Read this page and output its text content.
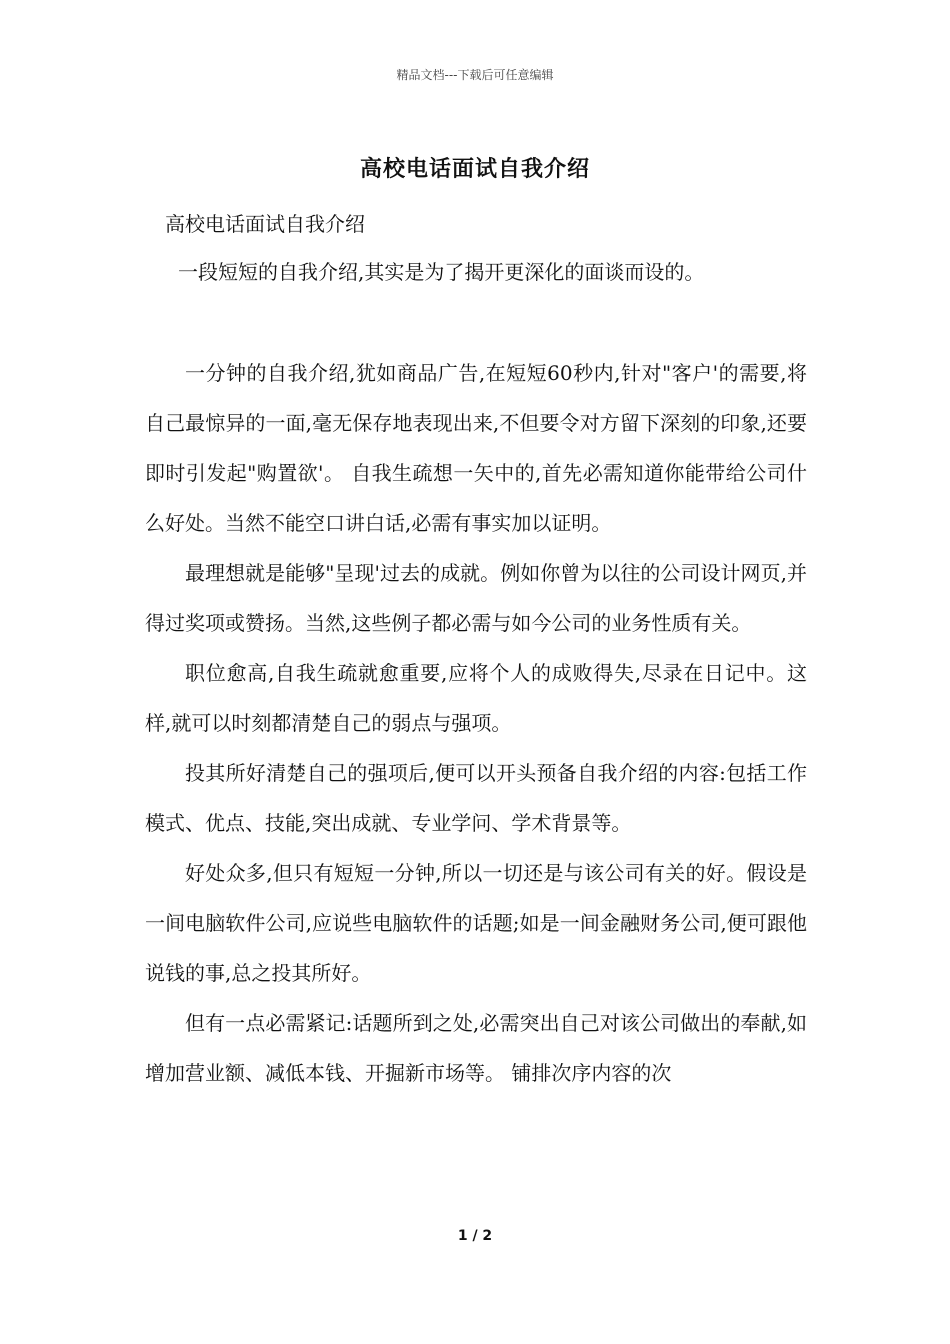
精品文档---下载后可任意编辑
高校电话面试自我介绍
高校电话面试自我介绍
一段短短的自我介绍,其实是为了揭开更深化的面谈而设的。

一分钟的自我介绍,犹如商品广告,在短短60秒内,针对"客户'的需要,将自己最惊异的一面,毫无保存地表现出来,不但要令对方留下深刻的印象,还要即时引发起"购置欲'。 自我生疏想一矢中的,首先必需知道你能带给公司什么好处。当然不能空口讲白话,必需有事实加以证明。

最理想就是能够"呈现'过去的成就。例如你曾为以往的公司设计网页,并得过奖项或赞扬。当然,这些例子都必需与如今公司的业务性质有关。

职位愈高,自我生疏就愈重要,应将个人的成败得失,尽录在日记中。这样,就可以时刻都清楚自己的弱点与强项。

投其所好清楚自己的强项后,便可以开头预备自我介绍的内容:包括工作模式、优点、技能,突出成就、专业学问、学术背景等。

好处众多,但只有短短一分钟,所以一切还是与该公司有关的好。假设是一间电脑软件公司,应说些电脑软件的话题;如是一间金融财务公司,便可跟他说钱的事,总之投其所好。

但有一点必需紧记:话题所到之处,必需突出自己对该公司做出的奉献,如增加营业额、减低本钱、开掘新市场等。 铺排次序内容的次

1 / 2
